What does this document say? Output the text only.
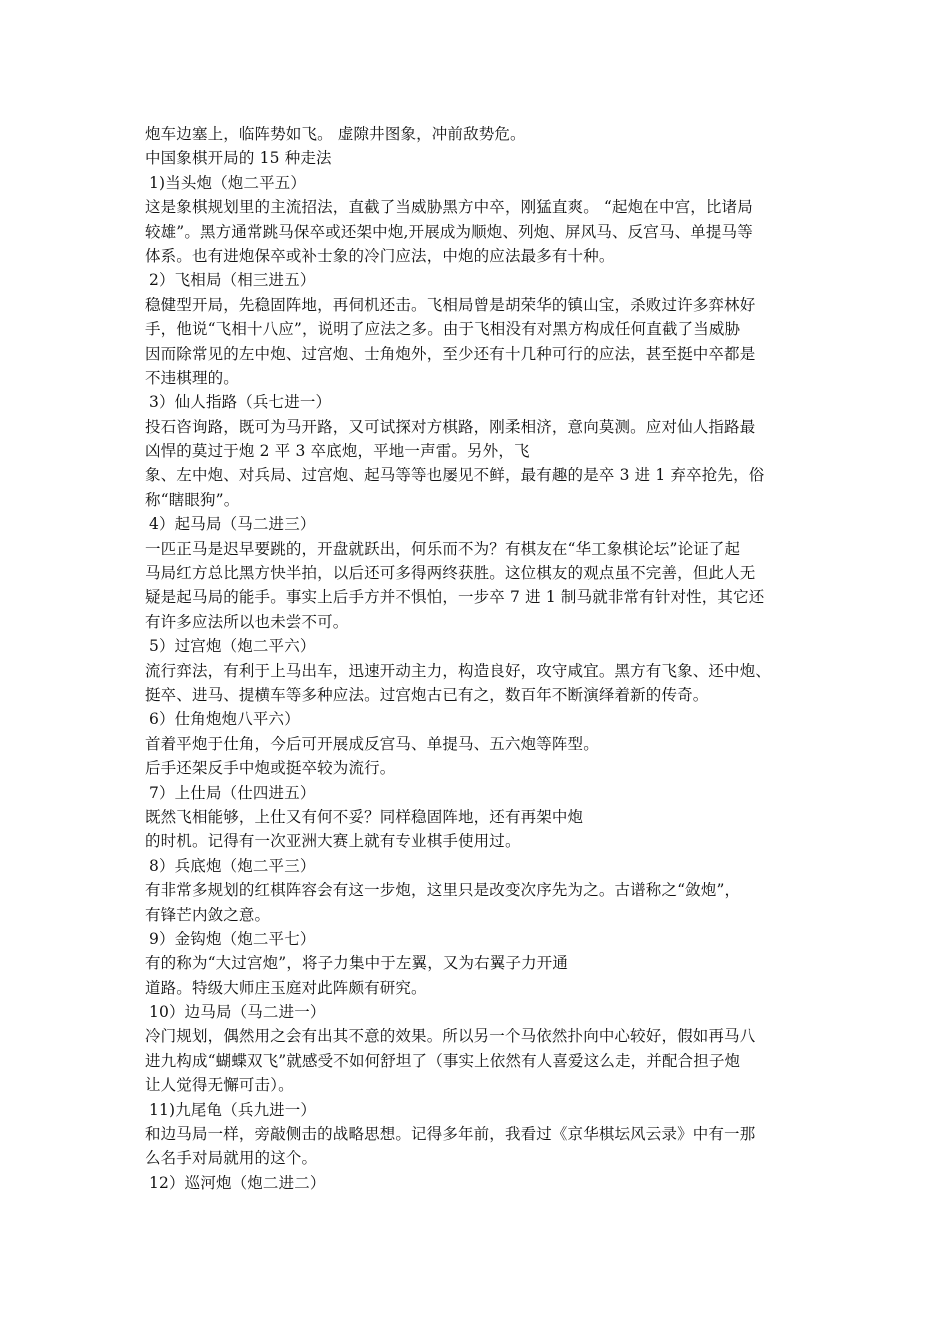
炮车边塞上，临阵势如飞。 虚隙井图象，冲前敌势危。
中国象棋开局的 15 种走法
1)当头炮（炮二平五）
这是象棋规划里的主流招法，直截了当威胁黑方中卒，刚猛直爽。 “起炮在中宫，比诸局
较雄”。黑方通常跳马保卒或还架中炮,开展成为顺炮、列炮、屏风马、反宫马、单提马等
体系。也有进炮保卒或补士象的冷门应法，中炮的应法最多有十种。
2）飞相局（相三进五）
稳健型开局，先稳固阵地，再伺机还击。飞相局曾是胡荣华的镇山宝，杀败过许多弈林好
手，他说“飞相十八应”，说明了应法之多。由于飞相没有对黑方构成任何直截了当威胁
因而除常见的左中炮、过宫炮、士角炮外，至少还有十几种可行的应法，甚至挺中卒都是
不违棋理的。
3）仙人指路（兵七进一）
投石咨询路，既可为马开路，又可试探对方棋路，刚柔相济，意向莫测。应对仙人指路最
凶悍的莫过于炮 2 平 3 卒底炮，平地一声雷。另外，飞
象、左中炮、对兵局、过宫炮、起马等等也屡见不鲜，最有趣的是卒 3 进 1 弃卒抢先，俗
称“瞎眼狗”。
4）起马局（马二进三）
一匹正马是迟早要跳的，开盘就跃出，何乐而不为？有棋友在“华工象棋论坛”论证了起
马局红方总比黑方快半拍，以后还可多得两终获胜。这位棋友的观点虽不完善，但此人无
疑是起马局的能手。事实上后手方并不惧怕，一步卒 7 进 1 制马就非常有针对性，其它还
有许多应法所以也未尝不可。
5）过宫炮（炮二平六）
流行弈法，有利于上马出车，迅速开动主力，构造良好，攻守咸宜。黑方有飞象、还中炮、
挺卒、进马、提横车等多种应法。过宫炮古已有之，数百年不断演绎着新的传奇。
6）仕角炮炮八平六）
首着平炮于仕角，今后可开展成反宫马、单提马、五六炮等阵型。
后手还架反手中炮或挺卒较为流行。
7）上仕局（仕四进五）
既然飞相能够，上仕又有何不妥？同样稳固阵地，还有再架中炮
的时机。记得有一次亚洲大赛上就有专业棋手使用过。
8）兵底炮（炮二平三）
有非常多规划的红棋阵容会有这一步炮，这里只是改变次序先为之。古谱称之“敛炮”，
有锋芒内敛之意。
9）金钩炮（炮二平七）
有的称为“大过宫炮”，将子力集中于左翼，又为右翼子力开通
道路。特级大师庄玉庭对此阵颇有研究。
10）边马局（马二进一）
冷门规划，偶然用之会有出其不意的效果。所以另一个马依然扑向中心较好，假如再马八
进九构成“蝴蝶双飞”就感受不如何舒坦了（事实上依然有人喜爱这么走，并配合担子炮
让人觉得无懈可击）。
11)九尾龟（兵九进一）
和边马局一样，旁敲侧击的战略思想。记得多年前，我看过《京华棋坛风云录》中有一那
么名手对局就用的这个。
12）巡河炮（炮二进二）
